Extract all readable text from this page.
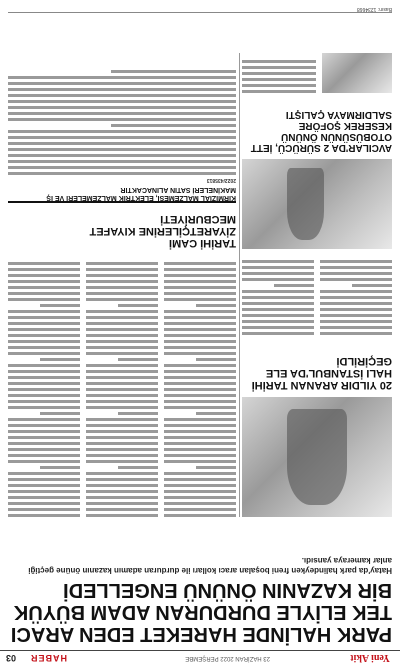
Yeni Akit
23 HAZİRAN 2022 PERŞEMBE
HABER
03
PARK HALİNDE HAREKET EDEN ARACI TEK ELİYLE DURDURAN ADAM BÜYÜK BİR KAZANIN ÖNÜNÜ ENGELLEDİ
Hatay'da park halindeyken freni boşalan aracı kolları ile durduran adamın kazanın önüne geçtiği anlar kameraya yansıdı.
20 YILDIR ARANAN TARİHİ HALI İSTANBUL'DA ELE GEÇİRİLDİ
TARİHİ CAMİ ZİYARETÇİLERİNE KIYAFET MECBURİYETİ
KIRMIZIAL MALZEMESİ, ELEKTRİK MALZEMELERİ VE İŞ MAKİNELERİ SATIN ALINACAKTIR
2022/435813
AVCILAR'DA 2 SÜRÜCÜ, İETT OTOBÜSÜNÜN ÖNÜNÜ KESEREK ŞOFÖRE SALDIRMAYA ÇALIŞTI
Basın: 1234668
